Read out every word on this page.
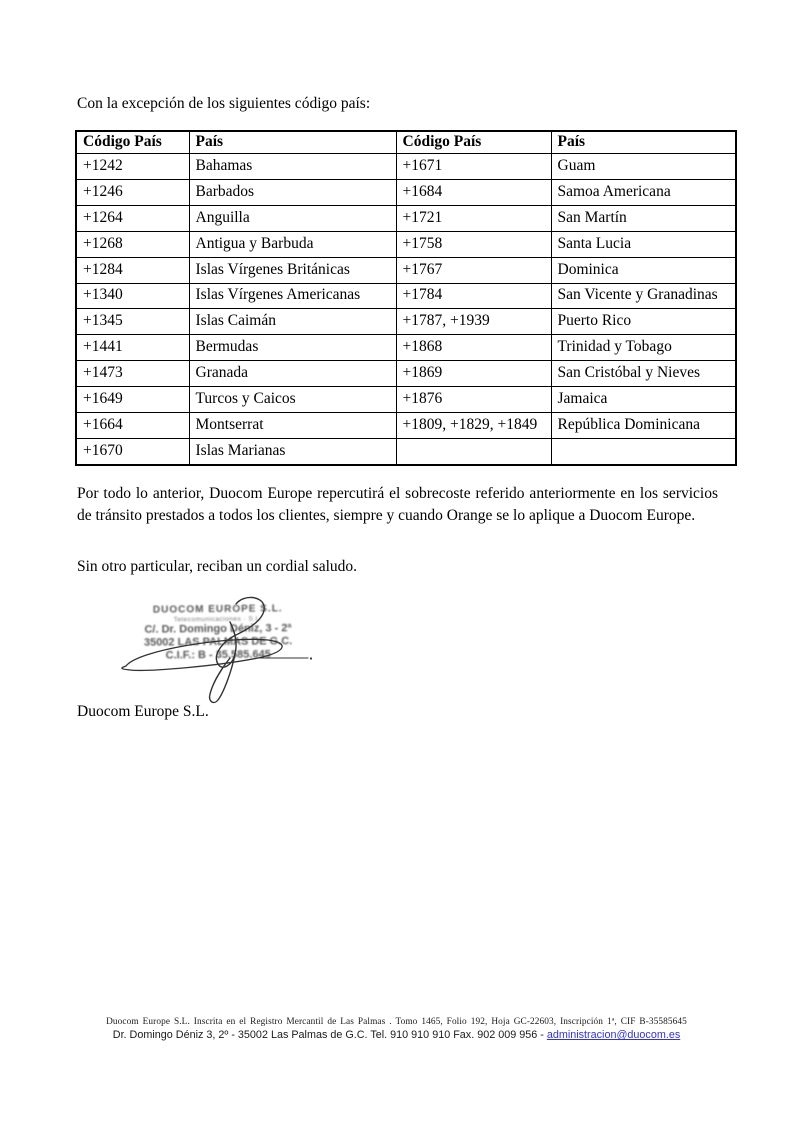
Con la excepción de los siguientes código país:

Código País	País	Código País	País
+1242	Bahamas	+1671	Guam
+1246	Barbados	+1684	Samoa Americana
+1264	Anguilla	+1721	San Martín
+1268	Antigua y Barbuda	+1758	Santa Lucia
+1284	Islas Vírgenes Británicas	+1767	Dominica
+1340	Islas Vírgenes Americanas	+1784	San Vicente y Granadinas
+1345	Islas Caimán	+1787, +1939	Puerto Rico
+1441	Bermudas	+1868	Trinidad y Tobago
+1473	Granada	+1869	San Cristóbal y Nieves
+1649	Turcos y Caicos	+1876	Jamaica
+1664	Montserrat	+1809, +1829, +1849	República Dominicana
+1670	Islas Marianas		

Por todo lo anterior, Duocom Europe repercutirá el sobrecoste referido anteriormente en los servicios de tránsito prestados a todos los clientes, siempre y cuando Orange se lo aplique a Duocom Europe.

Sin otro particular, reciban un cordial saludo.

DUOCOM EUROPE S.L.
Telecomunicaciones · S.L.
C/. Dr. Domingo Déniz, 3 - 2ª
35002 LAS PALMAS DE G.C.
C.I.F.: B - 35.585.645

Duocom Europe S.L.

Duocom Europe S.L. Inscrita en el Registro Mercantil de Las Palmas . Tomo 1465, Folio 192, Hoja GC-22603, Inscripción 1ª, CIF B-35585645
Dr. Domingo Déniz 3, 2º - 35002 Las Palmas de G.C. Tel. 910 910 910 Fax. 902 009 956 - administracion@duocom.es
